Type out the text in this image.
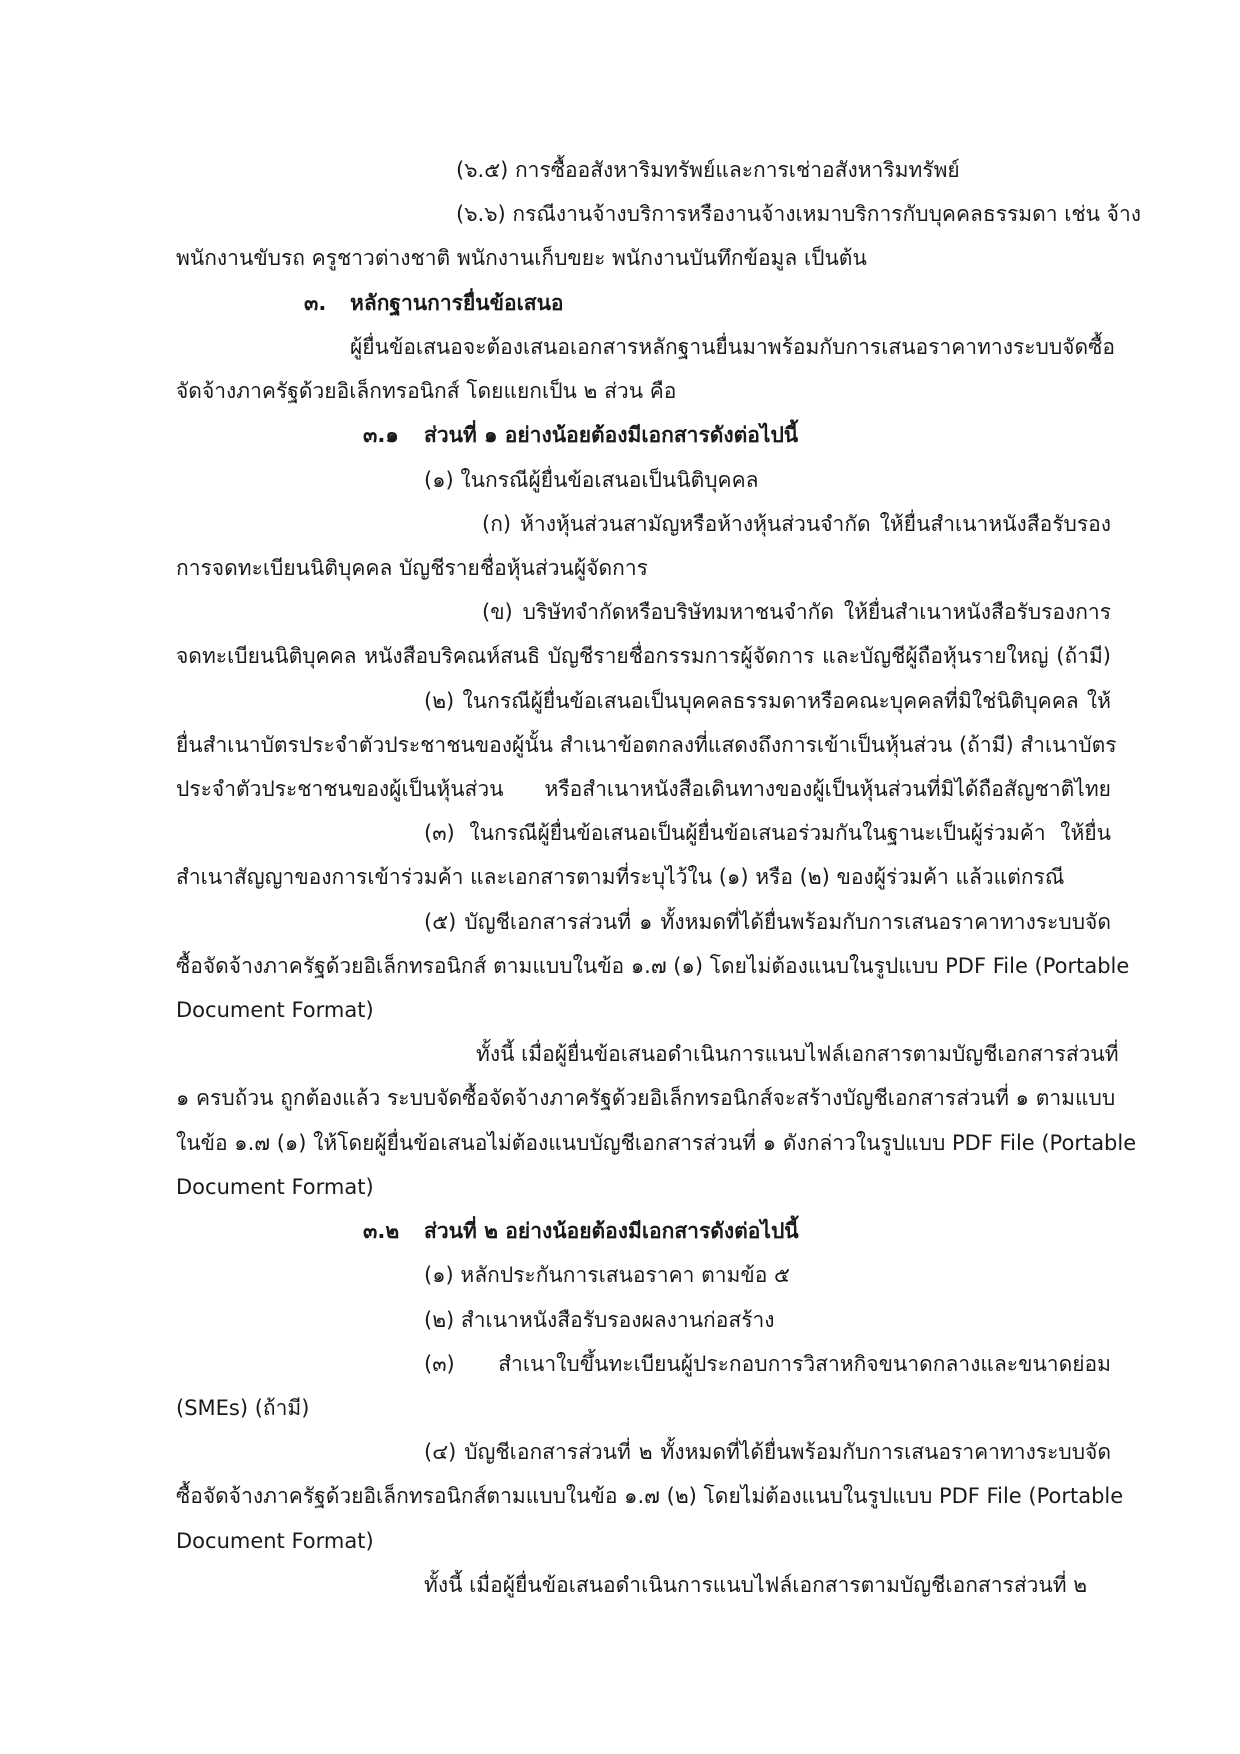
(๖.๕) การซื้ออสังหาริมทรัพย์และการเช่าอสังหาริมทรัพย์
(๖.๖) กรณีงานจ้างบริการหรืองานจ้างเหมาบริการกับบุคคลธรรมดา เช่น จ้าง
พนักงานขับรถ ครูชาวต่างชาติ พนักงานเก็บขยะ พนักงานบันทึกข้อมูล เป็นต้น
๓. หลักฐานการยื่นข้อเสนอ
ผู้ยื่นข้อเสนอจะต้องเสนอเอกสารหลักฐานยื่นมาพร้อมกับการเสนอราคาทางระบบจัดซื้อ
จัดจ้างภาครัฐด้วยอิเล็กทรอนิกส์ โดยแยกเป็น ๒ ส่วน คือ
๓.๑ ส่วนที่ ๑ อย่างน้อยต้องมีเอกสารดังต่อไปนี้
(๑) ในกรณีผู้ยื่นข้อเสนอเป็นนิติบุคคล
(ก) ห้างหุ้นส่วนสามัญหรือห้างหุ้นส่วนจำกัด ให้ยื่นสำเนาหนังสือรับรอง
การจดทะเบียนนิติบุคคล บัญชีรายชื่อหุ้นส่วนผู้จัดการ
(ข) บริษัทจำกัดหรือบริษัทมหาชนจำกัด ให้ยื่นสำเนาหนังสือรับรองการ
จดทะเบียนนิติบุคคล หนังสือบริคณห์สนธิ บัญชีรายชื่อกรรมการผู้จัดการ และบัญชีผู้ถือหุ้นรายใหญ่ (ถ้ามี)
(๒) ในกรณีผู้ยื่นข้อเสนอเป็นบุคคลธรรมดาหรือคณะบุคคลที่มิใช่นิติบุคคล ให้
ยื่นสำเนาบัตรประจำตัวประชาชนของผู้นั้น สำเนาข้อตกลงที่แสดงถึงการเข้าเป็นหุ้นส่วน (ถ้ามี) สำเนาบัตร
ประจำตัวประชาชนของผู้เป็นหุ้นส่วน หรือสำเนาหนังสือเดินทางของผู้เป็นหุ้นส่วนที่มิได้ถือสัญชาติไทย
(๓) ในกรณีผู้ยื่นข้อเสนอเป็นผู้ยื่นข้อเสนอร่วมกันในฐานะเป็นผู้ร่วมค้า ให้ยื่น
สำเนาสัญญาของการเข้าร่วมค้า และเอกสารตามที่ระบุไว้ใน (๑) หรือ (๒) ของผู้ร่วมค้า แล้วแต่กรณี
(๕) บัญชีเอกสารส่วนที่ ๑ ทั้งหมดที่ได้ยื่นพร้อมกับการเสนอราคาทางระบบจัด
ซื้อจัดจ้างภาครัฐด้วยอิเล็กทรอนิกส์ ตามแบบในข้อ ๑.๗ (๑) โดยไม่ต้องแนบในรูปแบบ PDF File (Portable
Document Format)
ทั้งนี้ เมื่อผู้ยื่นข้อเสนอดำเนินการแนบไฟล์เอกสารตามบัญชีเอกสารส่วนที่
๑ ครบถ้วน ถูกต้องแล้ว ระบบจัดซื้อจัดจ้างภาครัฐด้วยอิเล็กทรอนิกส์จะสร้างบัญชีเอกสารส่วนที่ ๑ ตามแบบ
ในข้อ ๑.๗ (๑) ให้โดยผู้ยื่นข้อเสนอไม่ต้องแนบบัญชีเอกสารส่วนที่ ๑ ดังกล่าวในรูปแบบ PDF File (Portable
Document Format)
๓.๒ ส่วนที่ ๒ อย่างน้อยต้องมีเอกสารดังต่อไปนี้
(๑) หลักประกันการเสนอราคา ตามข้อ ๕
(๒) สำเนาหนังสือรับรองผลงานก่อสร้าง
(๓) สำเนาใบขึ้นทะเบียนผู้ประกอบการวิสาหกิจขนาดกลางและขนาดย่อม
(SMEs) (ถ้ามี)
(๔) บัญชีเอกสารส่วนที่ ๒ ทั้งหมดที่ได้ยื่นพร้อมกับการเสนอราคาทางระบบจัด
ซื้อจัดจ้างภาครัฐด้วยอิเล็กทรอนิกส์ตามแบบในข้อ ๑.๗ (๒) โดยไม่ต้องแนบในรูปแบบ PDF File (Portable
Document Format)
ทั้งนี้ เมื่อผู้ยื่นข้อเสนอดำเนินการแนบไฟล์เอกสารตามบัญชีเอกสารส่วนที่ ๒
